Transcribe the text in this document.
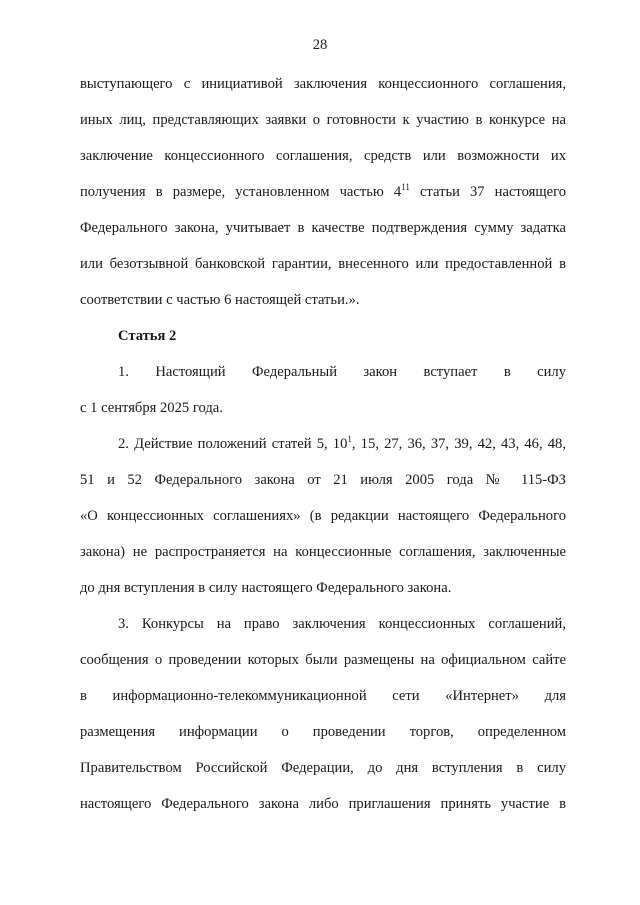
28
выступающего с инициативой заключения концессионного соглашения,
иных лиц, представляющих заявки о готовности к участию в конкурсе на
заключение концессионного соглашения, средств или возможности их
получения в размере, установленном частью $4^{11}$ статьи 37 настоящего
Федерального закона, учитывает в качестве подтверждения сумму задатка
или безотзывной банковской гарантии, внесенного или предоставленной в
соответствии с частью 6 настоящей статьи.».
Статья 2
1. Настоящий Федеральный закон вступает в силу
с 1 сентября 2025 года.
2. Действие положений статей 5, $10^1$, 15, 27, 36, 37, 39, 42, 43, 46, 48,
51 и 52 Федерального закона от 21 июля 2005 года № 115-ФЗ
«О концессионных соглашениях» (в редакции настоящего Федерального
закона) не распространяется на концессионные соглашения, заключенные
до дня вступления в силу настоящего Федерального закона.
3. Конкурсы на право заключения концессионных соглашений,
сообщения о проведении которых были размещены на официальном сайте
в информационно-телекоммуникационной сети «Интернет» для
размещения информации о проведении торгов, определенном
Правительством Российской Федерации, до дня вступления в силу
настоящего Федерального закона либо приглашения принять участие в
